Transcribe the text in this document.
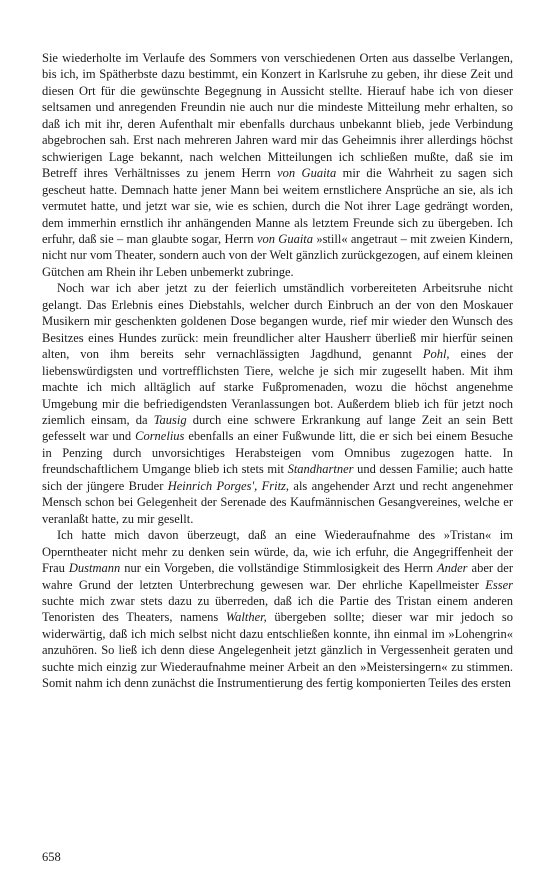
Sie wiederholte im Verlaufe des Sommers von verschiedenen Orten aus dasselbe Verlangen, bis ich, im Spätherbste dazu bestimmt, ein Konzert in Karlsruhe zu geben, ihr diese Zeit und diesen Ort für die gewünschte Begegnung in Aussicht stellte. Hierauf habe ich von dieser seltsamen und anregenden Freundin nie auch nur die mindeste Mitteilung mehr erhalten, so daß ich mit ihr, deren Aufenthalt mir ebenfalls durchaus unbekannt blieb, jede Verbindung abgebrochen sah. Erst nach mehreren Jahren ward mir das Geheimnis ihrer allerdings höchst schwierigen Lage bekannt, nach welchen Mitteilungen ich schließen mußte, daß sie im Betreff ihres Verhältnisses zu jenem Herrn von Guaita mir die Wahrheit zu sagen sich gescheut hatte. Demnach hatte jener Mann bei weitem ernstlichere Ansprüche an sie, als ich vermutet hatte, und jetzt war sie, wie es schien, durch die Not ihrer Lage gedrängt worden, dem immerhin ernstlich ihr anhängenden Manne als letztem Freunde sich zu übergeben. Ich erfuhr, daß sie – man glaubte sogar, Herrn von Guaita »still« angetraut – mit zweien Kindern, nicht nur vom Theater, sondern auch von der Welt gänzlich zurückgezogen, auf einem kleinen Gütchen am Rhein ihr Leben unbemerkt zubringe.

Noch war ich aber jetzt zu der feierlich umständlich vorbereiteten Arbeitsruhe nicht gelangt. Das Erlebnis eines Diebstahls, welcher durch Einbruch an der von den Moskauer Musikern mir geschenkten goldenen Dose begangen wurde, rief mir wieder den Wunsch des Besitzes eines Hundes zurück: mein freundlicher alter Hausherr überließ mir hierfür seinen alten, von ihm bereits sehr vernachlässigten Jagdhund, genannt Pohl, eines der liebenswürdigsten und vortrefflichsten Tiere, welche je sich mir zugesellt haben. Mit ihm machte ich mich alltäglich auf starke Fußpromenaden, wozu die höchst angenehme Umgebung mir die befriedigendsten Veranlassungen bot. Außerdem blieb ich für jetzt noch ziemlich einsam, da Tausig durch eine schwere Erkrankung auf lange Zeit an sein Bett gefesselt war und Cornelius ebenfalls an einer Fußwunde litt, die er sich bei einem Besuche in Penzing durch unvorsichtiges Herabsteigen vom Omnibus zugezogen hatte. In freundschaftlichem Umgange blieb ich stets mit Standhartner und dessen Familie; auch hatte sich der jüngere Bruder Heinrich Porges', Fritz, als angehender Arzt und recht angenehmer Mensch schon bei Gelegenheit der Serenade des Kaufmännischen Gesangvereines, welche er veranlaßt hatte, zu mir gesellt.

Ich hatte mich davon überzeugt, daß an eine Wiederaufnahme des »Tristan« im Operntheater nicht mehr zu denken sein würde, da, wie ich erfuhr, die Angegriffenheit der Frau Dustmann nur ein Vorgeben, die vollständige Stimmlosigkeit des Herrn Ander aber der wahre Grund der letzten Unterbrechung gewesen war. Der ehrliche Kapellmeister Esser suchte mich zwar stets dazu zu überreden, daß ich die Partie des Tristan einem anderen Tenoristen des Theaters, namens Walther, übergeben sollte; dieser war mir jedoch so widerwärtig, daß ich mich selbst nicht dazu entschließen konnte, ihn einmal im »Lohengrin« anzuhören. So ließ ich denn diese Angelegenheit jetzt gänzlich in Vergessenheit geraten und suchte mich einzig zur Wiederaufnahme meiner Arbeit an den »Meistersingern« zu stimmen. Somit nahm ich denn zunächst die Instrumentierung des fertig komponierten Teiles des ersten

658
